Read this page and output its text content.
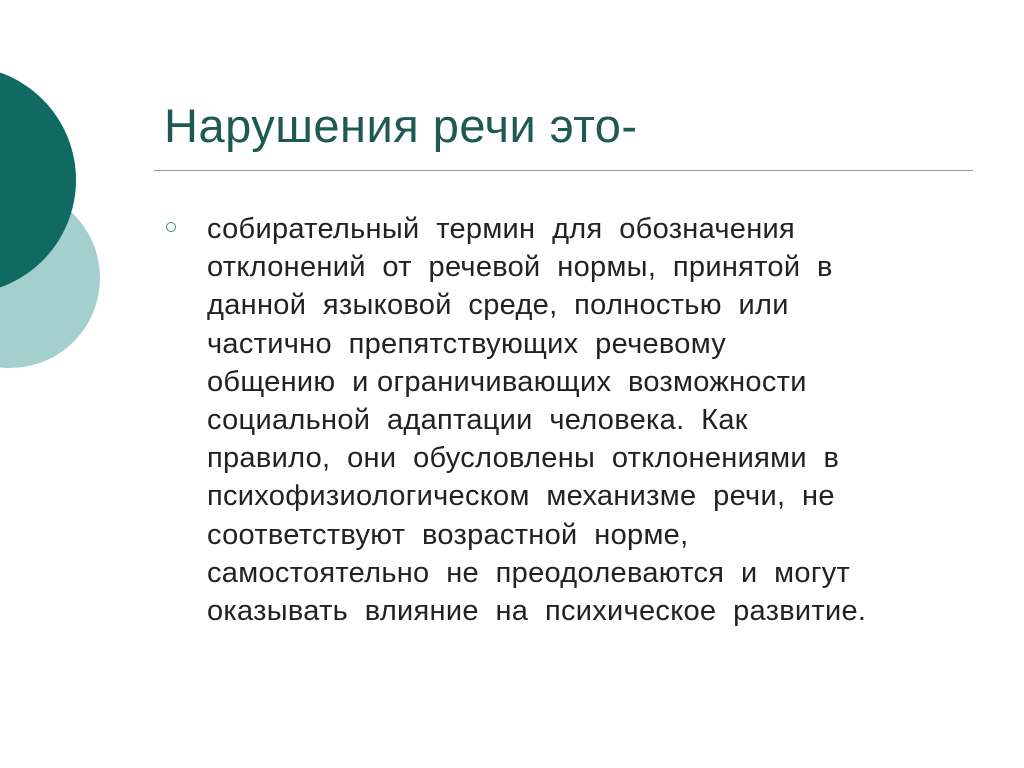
Нарушения речи это-

собирательный  термин  для  обозначения
отклонений  от  речевой  нормы,  принятой  в
данной  языковой  среде,  полностью  или
частично  препятствующих  речевому
общению  и ограничивающих  возможности
социальной  адаптации  человека.  Как
правило,  они  обусловлены  отклонениями  в
психофизиологическом  механизме  речи,  не
соответствуют  возрастной  норме,
самостоятельно  не  преодолеваются  и  могут
оказывать  влияние  на  психическое  развитие.
